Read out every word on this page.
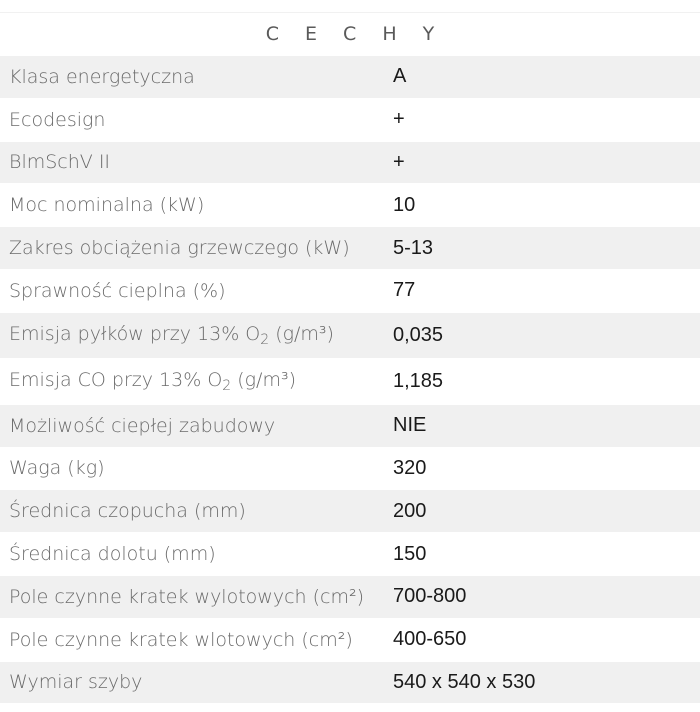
C E C H Y
Klasa energetyczna	A
Ecodesign	+
BlmSchV II	+
Moc nominalna (kW)	10
Zakres obciążenia grzewczego (kW)	5-13
Sprawność cieplna (%)	77
Emisja pyłków przy 13% $O_2$ (g/m³)	0,035
Emisja CO przy 13% $O_2$ (g/m³)	1,185
Możliwość ciepłej zabudowy	NIE
Waga (kg)	320
Średnica czopucha (mm)	200
Średnica dolotu (mm)	150
Pole czynne kratek wylotowych (cm²)	700-800
Pole czynne kratek wlotowych (cm²)	400-650
Wymiar szyby	540 x 540 x 530
